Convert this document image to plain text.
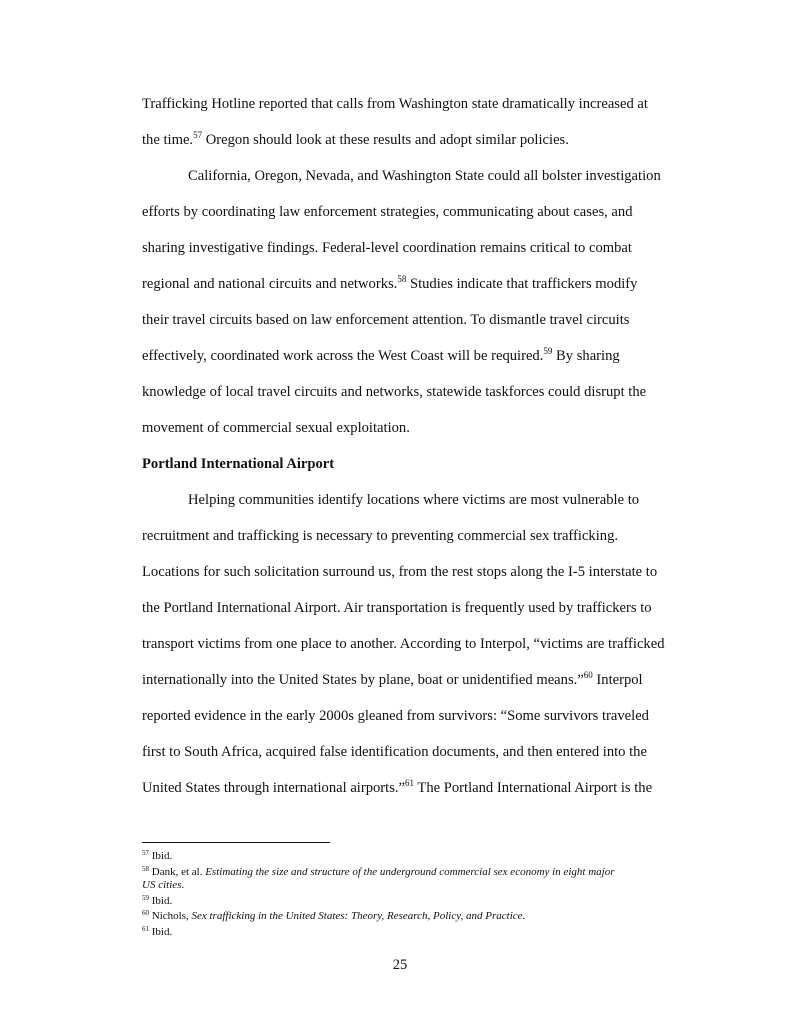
Trafficking Hotline reported that calls from Washington state dramatically increased at
the time.$^{57}$ Oregon should look at these results and adopt similar policies.
California, Oregon, Nevada, and Washington State could all bolster investigation
efforts by coordinating law enforcement strategies, communicating about cases, and
sharing investigative findings. Federal-level coordination remains critical to combat
regional and national circuits and networks.$^{58}$ Studies indicate that traffickers modify
their travel circuits based on law enforcement attention. To dismantle travel circuits
effectively, coordinated work across the West Coast will be required.$^{59}$ By sharing
knowledge of local travel circuits and networks, statewide taskforces could disrupt the
movement of commercial sexual exploitation.
Portland International Airport
Helping communities identify locations where victims are most vulnerable to
recruitment and trafficking is necessary to preventing commercial sex trafficking.
Locations for such solicitation surround us, from the rest stops along the I-5 interstate to
the Portland International Airport. Air transportation is frequently used by traffickers to
transport victims from one place to another. According to Interpol, “victims are trafficked
internationally into the United States by plane, boat or unidentified means.”$^{60}$ Interpol
reported evidence in the early 2000s gleaned from survivors: “Some survivors traveled
first to South Africa, acquired false identification documents, and then entered into the
United States through international airports.”$^{61}$ The Portland International Airport is the
$^{57}$ Ibid.
$^{58}$ Dank, et al. Estimating the size and structure of the underground commercial sex economy in eight major
US cities.
$^{59}$ Ibid.
$^{60}$ Nichols, Sex trafficking in the United States: Theory, Research, Policy, and Practice.
$^{61}$ Ibid.
25
